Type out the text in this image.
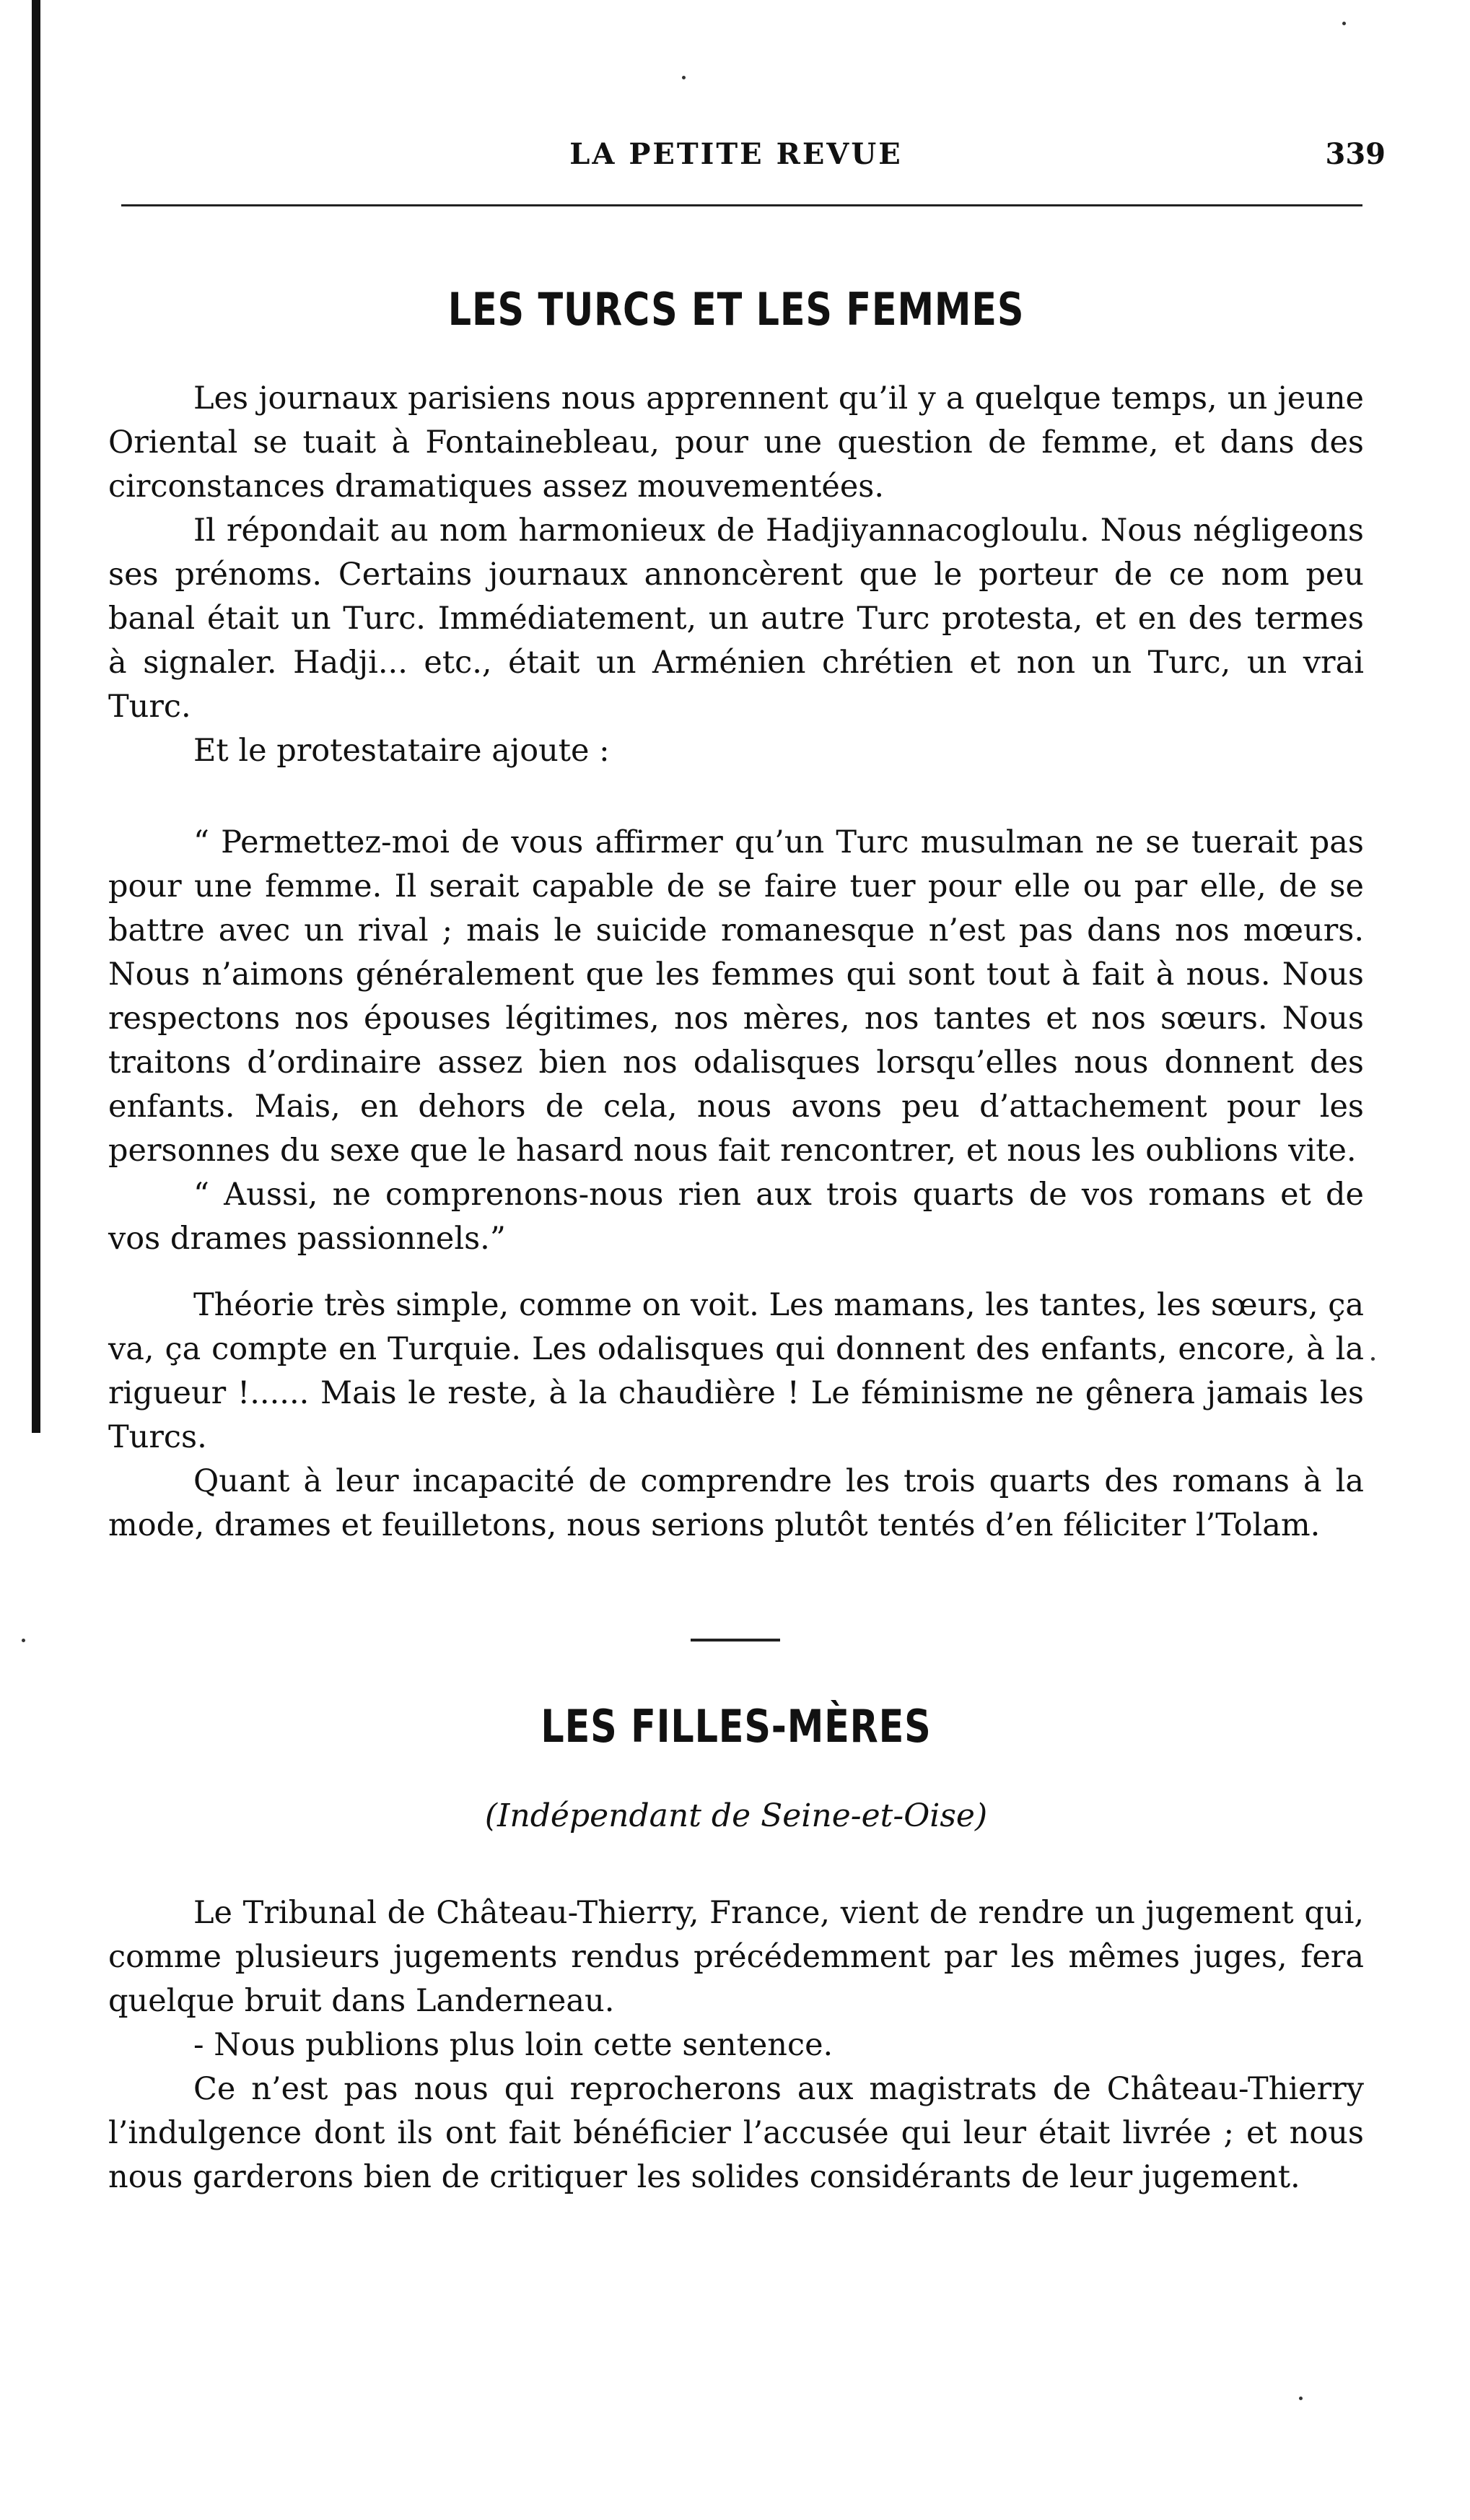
LA PETITE REVUE	339
LES TURCS ET LES FEMMES

Les journaux parisiens nous apprennent qu’il y a quelque temps, un jeune Oriental se tuait à Fontainebleau, pour une question de femme, et dans des circonstances dramatiques assez mouvementées.

Il répondait au nom harmonieux de Hadjiyannacogloulu. Nous négligeons ses prénoms. Certains journaux annoncèrent que le porteur de ce nom peu banal était un Turc. Immédiatement, un autre Turc protesta, et en des termes à signaler. Hadji... etc., était un Arménien chrétien et non un Turc, un vrai Turc.

Et le protestataire ajoute :

“ Permettez-moi de vous affirmer qu’un Turc musulman ne se tuerait pas pour une femme. Il serait capable de se faire tuer pour elle ou par elle, de se battre avec un rival ; mais le suicide romanesque n’est pas dans nos mœurs. Nous n’aimons généralement que les femmes qui sont tout à fait à nous. Nous respectons nos épouses légitimes, nos mères, nos tantes et nos sœurs. Nous traitons d’ordinaire assez bien nos odalisques lorsqu’elles nous donnent des enfants. Mais, en dehors de cela, nous avons peu d’attachement pour les personnes du sexe que le hasard nous fait rencontrer, et nous les oublions vite.

“ Aussi, ne comprenons-nous rien aux trois quarts de vos romans et de vos drames passionnels.”

Théorie très simple, comme on voit. Les mamans, les tantes, les sœurs, ça va, ça compte en Turquie. Les odalisques qui donnent des enfants, encore, à la rigueur !...... Mais le reste, à la chaudière ! Le féminisme ne gênera jamais les Turcs.

Quant à leur incapacité de comprendre les trois quarts des romans à la mode, drames et feuilletons, nous serions plutôt tentés d’en féliciter l’Tolam.

LES FILLES-MÈRES
(Indépendant de Seine-et-Oise)

Le Tribunal de Château-Thierry, France, vient de rendre un jugement qui, comme plusieurs jugements rendus précédemment par les mêmes juges, fera quelque bruit dans Landerneau.

- Nous publions plus loin cette sentence.

Ce n’est pas nous qui reprocherons aux magistrats de Château-Thierry l’indulgence dont ils ont fait bénéficier l’accusée qui leur était livrée ; et nous nous garderons bien de critiquer les solides considérants de leur jugement.
